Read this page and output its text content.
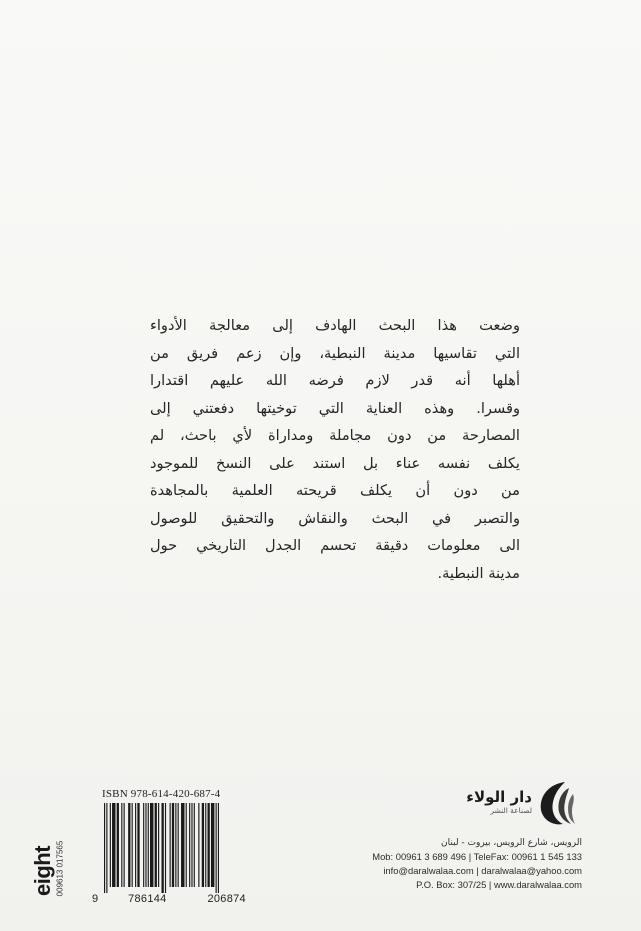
وضعت هذا البحث الهادف إلى معالجة الأدواء
التي تقاسيها مدينة النبطية، وإن زعم فريق من
أهلها أنه قدر لازم فرضه الله عليهم اقتدارا
وقسرا. وهذه العناية التي توخيتها دفعتني إلى
المصارحة من دون مجاملة ومداراة لأي باحث، لم
يكلف نفسه عناء بل استند على النسخ للموجود
من دون أن يكلف قريحته العلمية بالمجاهدة
والتصبر في البحث والنقاش والتحقيق للوصول
الى معلومات دقيقة تحسم الجدل التاريخي حول
مدينة النبطية.
eight 009613 017565
ISBN 978-614-420-687-4
9	786144	206874
دار الولاء
لصناعة النشر
الرويس، شارع الرويس، بيروت - لبنان
Mob: 00961 3 689 496 | TeleFax: 00961 1 545 133
info@daralwalaa.com | daralwalaa@yahoo.com
P.O. Box: 307/25 | www.daralwalaa.com
